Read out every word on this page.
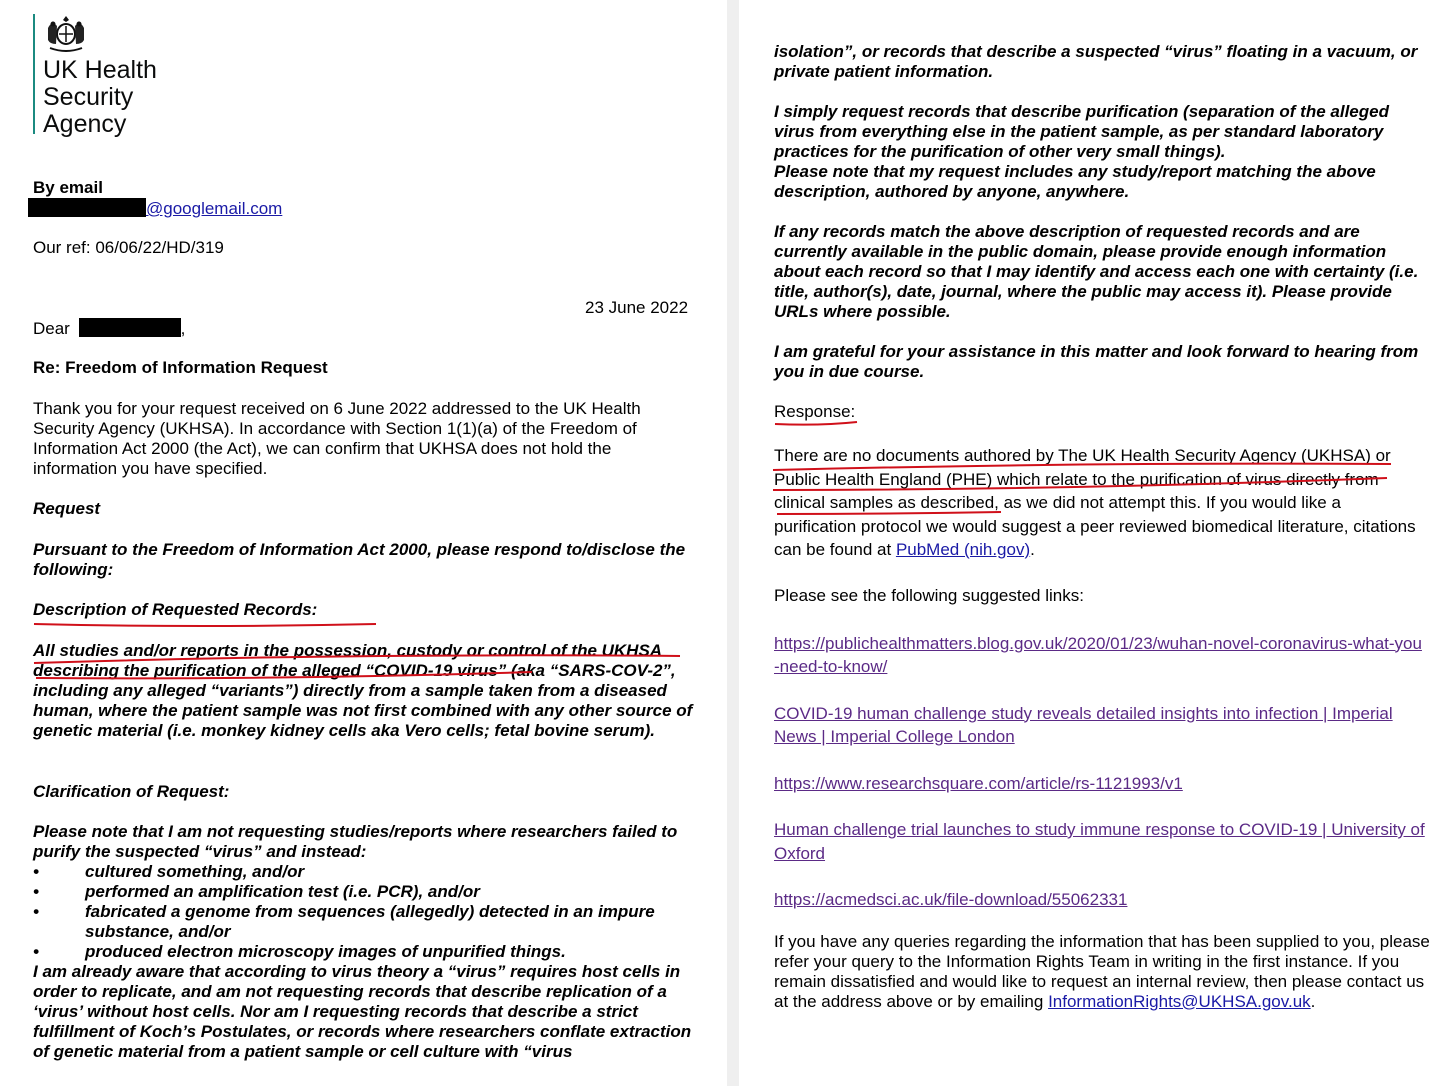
UK Health
Security
Agency

By email

@googlemail.com

Our ref: 06/06/22/HD/319

23 June 2022

Dear	,

Re: Freedom of Information Request

Thank you for your request received on 6 June 2022 addressed to the UK Health Security Agency (UKHSA). In accordance with Section 1(1)(a) of the Freedom of Information Act 2000 (the Act), we can confirm that UKHSA does not hold the information you have specified.

Request

Pursuant to the Freedom of Information Act 2000, please respond to/disclose the following:

Description of Requested Records:

All studies and/or reports in the possession, custody or control of the UKHSA describing the purification of the alleged “COVID-19 virus” (aka “SARS-COV-2”, including any alleged “variants”) directly from a sample taken from a diseased human, where the patient sample was not first combined with any other source of genetic material (i.e. monkey kidney cells aka Vero cells; fetal bovine serum).

Clarification of Request:

Please note that I am not requesting studies/reports where researchers failed to purify the suspected “virus” and instead:

• cultured something, and/or
• performed an amplification test (i.e. PCR), and/or
• fabricated a genome from sequences (allegedly) detected in an impure substance, and/or
• produced electron microscopy images of unpurified things.

I am already aware that according to virus theory a “virus” requires host cells in order to replicate, and am not requesting records that describe replication of a ‘virus’ without host cells. Nor am I requesting records that describe a strict fulfillment of Koch’s Postulates, or records where researchers conflate extraction of genetic material from a patient sample or cell culture with “virus

isolation”, or records that describe a suspected “virus” floating in a vacuum, or private patient information.

I simply request records that describe purification (separation of the alleged virus from everything else in the patient sample, as per standard laboratory practices for the purification of other very small things).

Please note that my request includes any study/report matching the above description, authored by anyone, anywhere.

If any records match the above description of requested records and are currently available in the public domain, please provide enough information about each record so that I may identify and access each one with certainty (i.e. title, author(s), date, journal, where the public may access it). Please provide URLs where possible.

I am grateful for your assistance in this matter and look forward to hearing from you in due course.

Response:

There are no documents authored by The UK Health Security Agency (UKHSA) or Public Health England (PHE) which relate to the purification of virus directly from clinical samples as described, as we did not attempt this. If you would like a purification protocol we would suggest a peer reviewed biomedical literature, citations can be found at PubMed (nih.gov).

Please see the following suggested links:

https://publichealthmatters.blog.gov.uk/2020/01/23/wuhan-novel-coronavirus-what-you-need-to-know/

COVID-19 human challenge study reveals detailed insights into infection | Imperial News | Imperial College London

https://www.researchsquare.com/article/rs-1121993/v1

Human challenge trial launches to study immune response to COVID-19 | University of Oxford

https://acmedsci.ac.uk/file-download/55062331

If you have any queries regarding the information that has been supplied to you, please refer your query to the Information Rights Team in writing in the first instance. If you remain dissatisfied and would like to request an internal review, then please contact us at the address above or by emailing InformationRights@UKHSA.gov.uk.
